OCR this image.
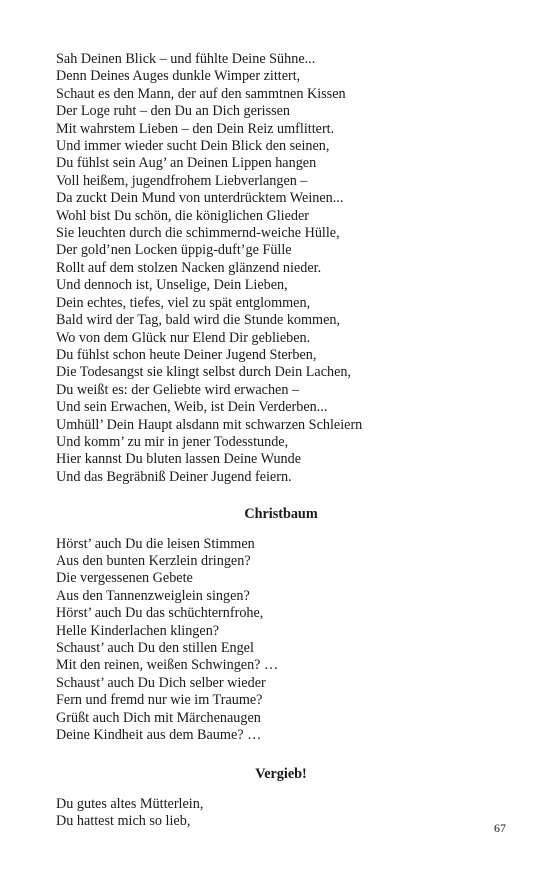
Sah Deinen Blick – und fühlte Deine Sühne...
Denn Deines Auges dunkle Wimper zittert,
Schaut es den Mann, der auf den sammtnen Kissen
Der Loge ruht – den Du an Dich gerissen
Mit wahrstem Lieben – den Dein Reiz umflittert.
Und immer wieder sucht Dein Blick den seinen,
Du fühlst sein Aug’ an Deinen Lippen hangen
Voll heißem, jugendfrohem Liebverlangen –
Da zuckt Dein Mund von unterdrücktem Weinen...
Wohl bist Du schön, die königlichen Glieder
Sie leuchten durch die schimmernd-weiche Hülle,
Der gold’nen Locken üppig-duft’ge Fülle
Rollt auf dem stolzen Nacken glänzend nieder.
Und dennoch ist, Unselige, Dein Lieben,
Dein echtes, tiefes, viel zu spät entglommen,
Bald wird der Tag, bald wird die Stunde kommen,
Wo von dem Glück nur Elend Dir geblieben.
Du fühlst schon heute Deiner Jugend Sterben,
Die Todesangst sie klingt selbst durch Dein Lachen,
Du weißt es: der Geliebte wird erwachen –
Und sein Erwachen, Weib, ist Dein Verderben...
Umhüll’ Dein Haupt alsdann mit schwarzen Schleiern
Und komm’ zu mir in jener Todesstunde,
Hier kannst Du bluten lassen Deine Wunde
Und das Begräbniß Deiner Jugend feiern.
Christbaum
Hörst’ auch Du die leisen Stimmen
Aus den bunten Kerzlein dringen?
Die vergessenen Gebete
Aus den Tannenzweiglein singen?
Hörst’ auch Du das schüchternfrohe,
Helle Kinderlachen klingen?
Schaust’ auch Du den stillen Engel
Mit den reinen, weißen Schwingen? …
Schaust’ auch Du Dich selber wieder
Fern und fremd nur wie im Traume?
Grüßt auch Dich mit Märchenaugen
Deine Kindheit aus dem Baume? …
Vergieb!
Du gutes altes Mütterlein,
Du hattest mich so lieb,	67
